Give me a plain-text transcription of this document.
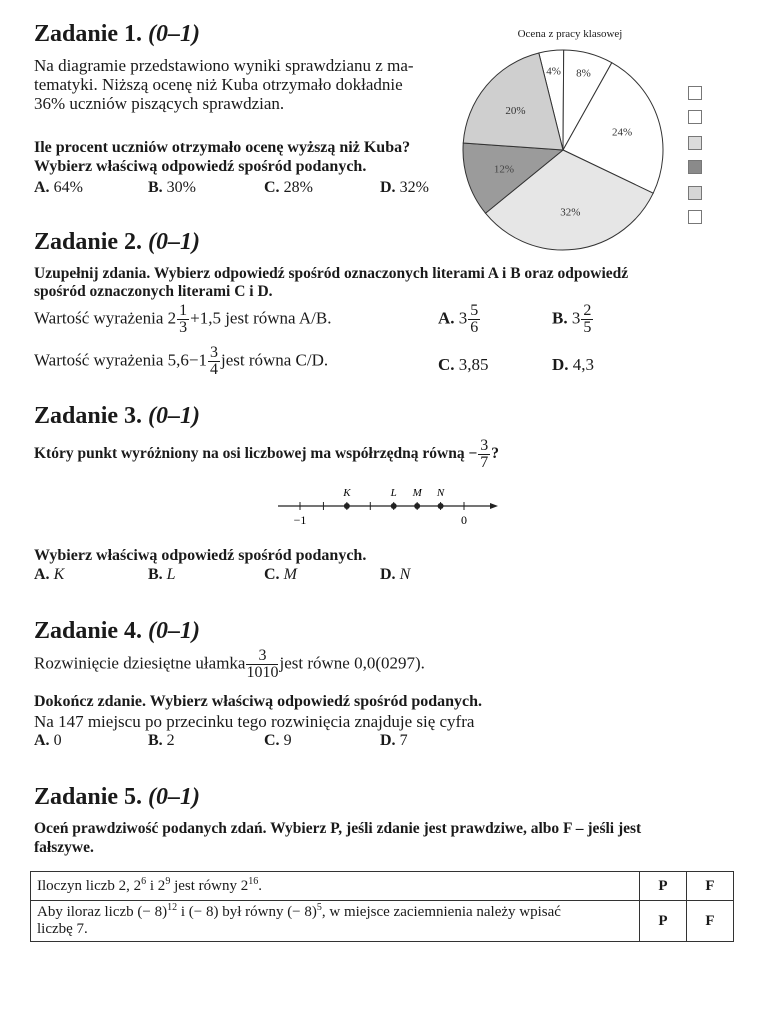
Zadanie 1. (0–1)
Na diagramie przedstawiono wyniki sprawdzianu z ma-
tematyki. Niższą ocenę niż Kuba otrzymało dokładnie
36% uczniów piszących sprawdzian.
Ile procent uczniów otrzymało ocenę wyższą niż Kuba?
Wybierz właściwą odpowiedź spośród podanych.
A. 64%	B. 30%	C. 28%	D. 32%
Ocena z pracy klasowej
4% 8%
24%
32%
12%
20%
Zadanie 2. (0–1)
Uzupełnij zdania. Wybierz odpowiedź spośród oznaczonych literami A i B oraz odpowiedź
spośród oznaczonych literami C i D.
Wartość wyrażenia $2 \frac{1}{3} +1,5$ jest równa A/B.
Wartość wyrażenia $5,6-1 \frac{3}{4}$ jest równa C/D.
A. $3 \frac{5}{6}$	B. $3 \frac{2}{5}$
C. 3,85	D. 4,3
Zadanie 3. (0–1)
Który punkt wyróżniony na osi liczbowej ma współrzędną równą − $\frac{3}{7}$ ?
K	L M N
−1	0
Wybierz właściwą odpowiedź spośród podanych.
A. K	B. L	C. M	D. N
Zadanie 4. (0–1)
Rozwinięcie dziesiętne ułamka $\frac{3}{1010}$ jest równe 0,0(0297).
Dokończ zdanie. Wybierz właściwą odpowiedź spośród podanych.
Na 147 miejscu po przecinku tego rozwinięcia znajduje się cyfra
A. 0	B. 2	C. 9	D. 7
Zadanie 5. (0–1)
Oceń prawdziwość podanych zdań. Wybierz P, jeśli zdanie jest prawdziwe, albo F – jeśli jest
fałszywe.
Iloczyn liczb 2, $2^6$ i $2^9$ jest równy $2^{16}$.	P	F
Aby iloraz liczb (− 8)$^{12}$ i (− 8) był równy (− 8)$^5$, w miejsce zaciemnienia należy wpisać
liczbę 7.	P	F
